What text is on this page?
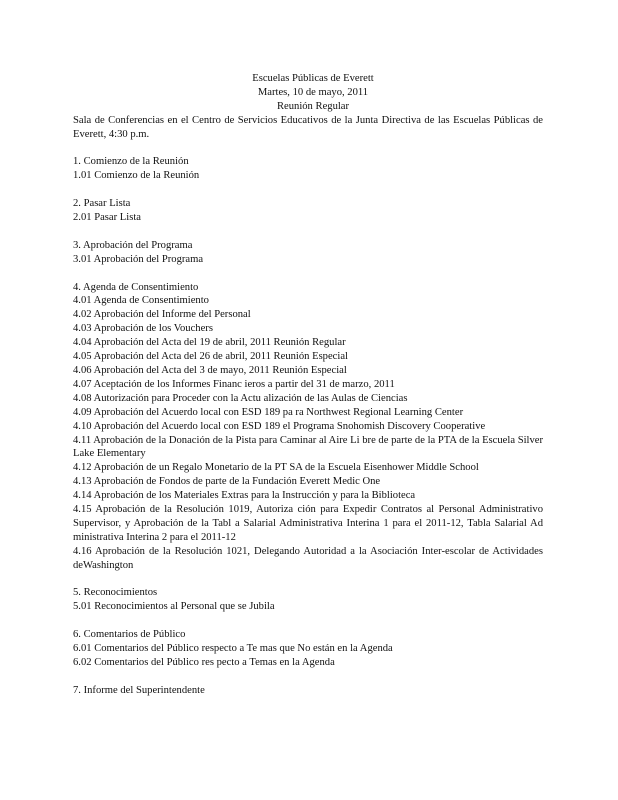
Escuelas Públicas de Everett
Martes, 10 de mayo, 2011
Reunión Regular
Sala de Conferencias en el Centro de Servicios Educativos de la Junta Directiva de las Escuelas Públicas de Everett, 4:30 p.m.
1. Comienzo de la Reunión
1.01 Comienzo de la Reunión
2. Pasar Lista
2.01 Pasar Lista
3. Aprobación del Programa
3.01 Aprobación del Programa
4. Agenda de Consentimiento
4.01 Agenda de Consentimiento
4.02 Aprobación del Informe del Personal
4.03 Aprobación de los Vouchers
4.04 Aprobación del Acta del 19 de abril, 2011 Reunión Regular
4.05 Aprobación del Acta del 26 de abril, 2011 Reunión Especial
4.06 Aprobación del Acta del 3 de mayo, 2011 Reunión Especial
4.07 Aceptación de los Informes Financ ieros a partir del 31 de marzo, 2011
4.08 Autorización para Proceder con la Actu alización de las Aulas de Ciencias
4.09 Aprobación del Acuerdo local con ESD 189 pa ra Northwest Regional Learning Center
4.10 Aprobación del Acuerdo local con ESD 189 el Programa Snohomish Discovery Cooperative
4.11 Aprobación de la Donación de la Pista para Caminar al Aire Li bre de parte de la PTA de la Escuela Silver Lake Elementary
4.12 Aprobación de un Regalo Monetario de la PT SA de la Escuela Eisenhower Middle School
4.13 Aprobación de Fondos de parte de la Fundación Everett Medic One
4.14 Aprobación de los Materiales Extras para la Instrucción y para la Biblioteca
4.15 Aprobación de la Resolución 1019, Autoriza ción para Expedir Contratos al Personal Administrativo Supervisor, y Aprobación de la Tabl a Salarial Administrativa Interina 1 para el 2011-12, Tabla Salarial Ad ministrativa Interina 2 para el 2011-12
4.16 Aprobación de la Resolución 1021, Delegando Autoridad a la Asociación Inter-escolar de Actividades deWashington
5. Reconocimientos
5.01 Reconocimientos al Personal que se Jubila
6. Comentarios de Público
6.01 Comentarios del Público respecto a Te mas que No están en la Agenda
6.02 Comentarios del Público res pecto a Temas en la Agenda
7. Informe del Superintendente
